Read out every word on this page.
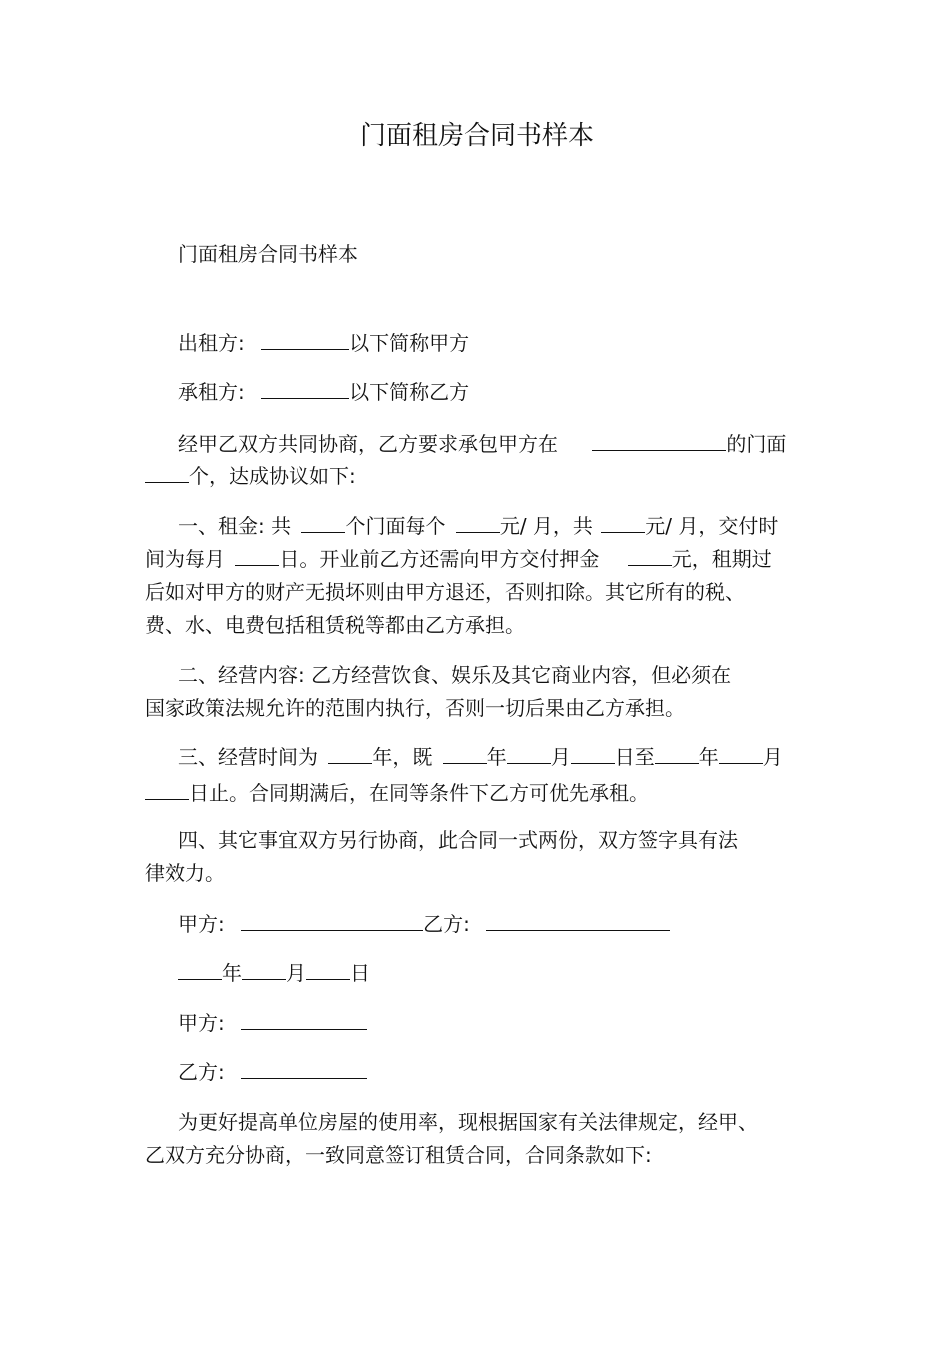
门面租房合同书样本
门面租房合同书样本
出租方:	以下简称甲方
承租方:	以下简称乙方
经甲乙双方共同协商，乙方要求承包甲方在	的门面
个，达成协议如下:
一、租金: 共	个门面每个	元/ 月，共	元/ 月，交付时
间为每月	日。开业前乙方还需向甲方交付押金	元，租期过
后如对甲方的财产无损坏则由甲方退还，否则扣除。其它所有的税、
费、水、电费包括租赁税等都由乙方承担。
二、经营内容: 乙方经营饮食、娱乐及其它商业内容，但必须在
国家政策法规允许的范围内执行，否则一切后果由乙方承担。
三、经营时间为	年，既	年 月 日至 年 月
日止。合同期满后，在同等条件下乙方可优先承租。
四、其它事宜双方另行协商，此合同一式两份，双方签字具有法
律效力。
甲方:	乙方:
年 月 日
甲方:
乙方:
为更好提高单位房屋的使用率，现根据国家有关法律规定，经甲、
乙双方充分协商，一致同意签订租赁合同，合同条款如下:
